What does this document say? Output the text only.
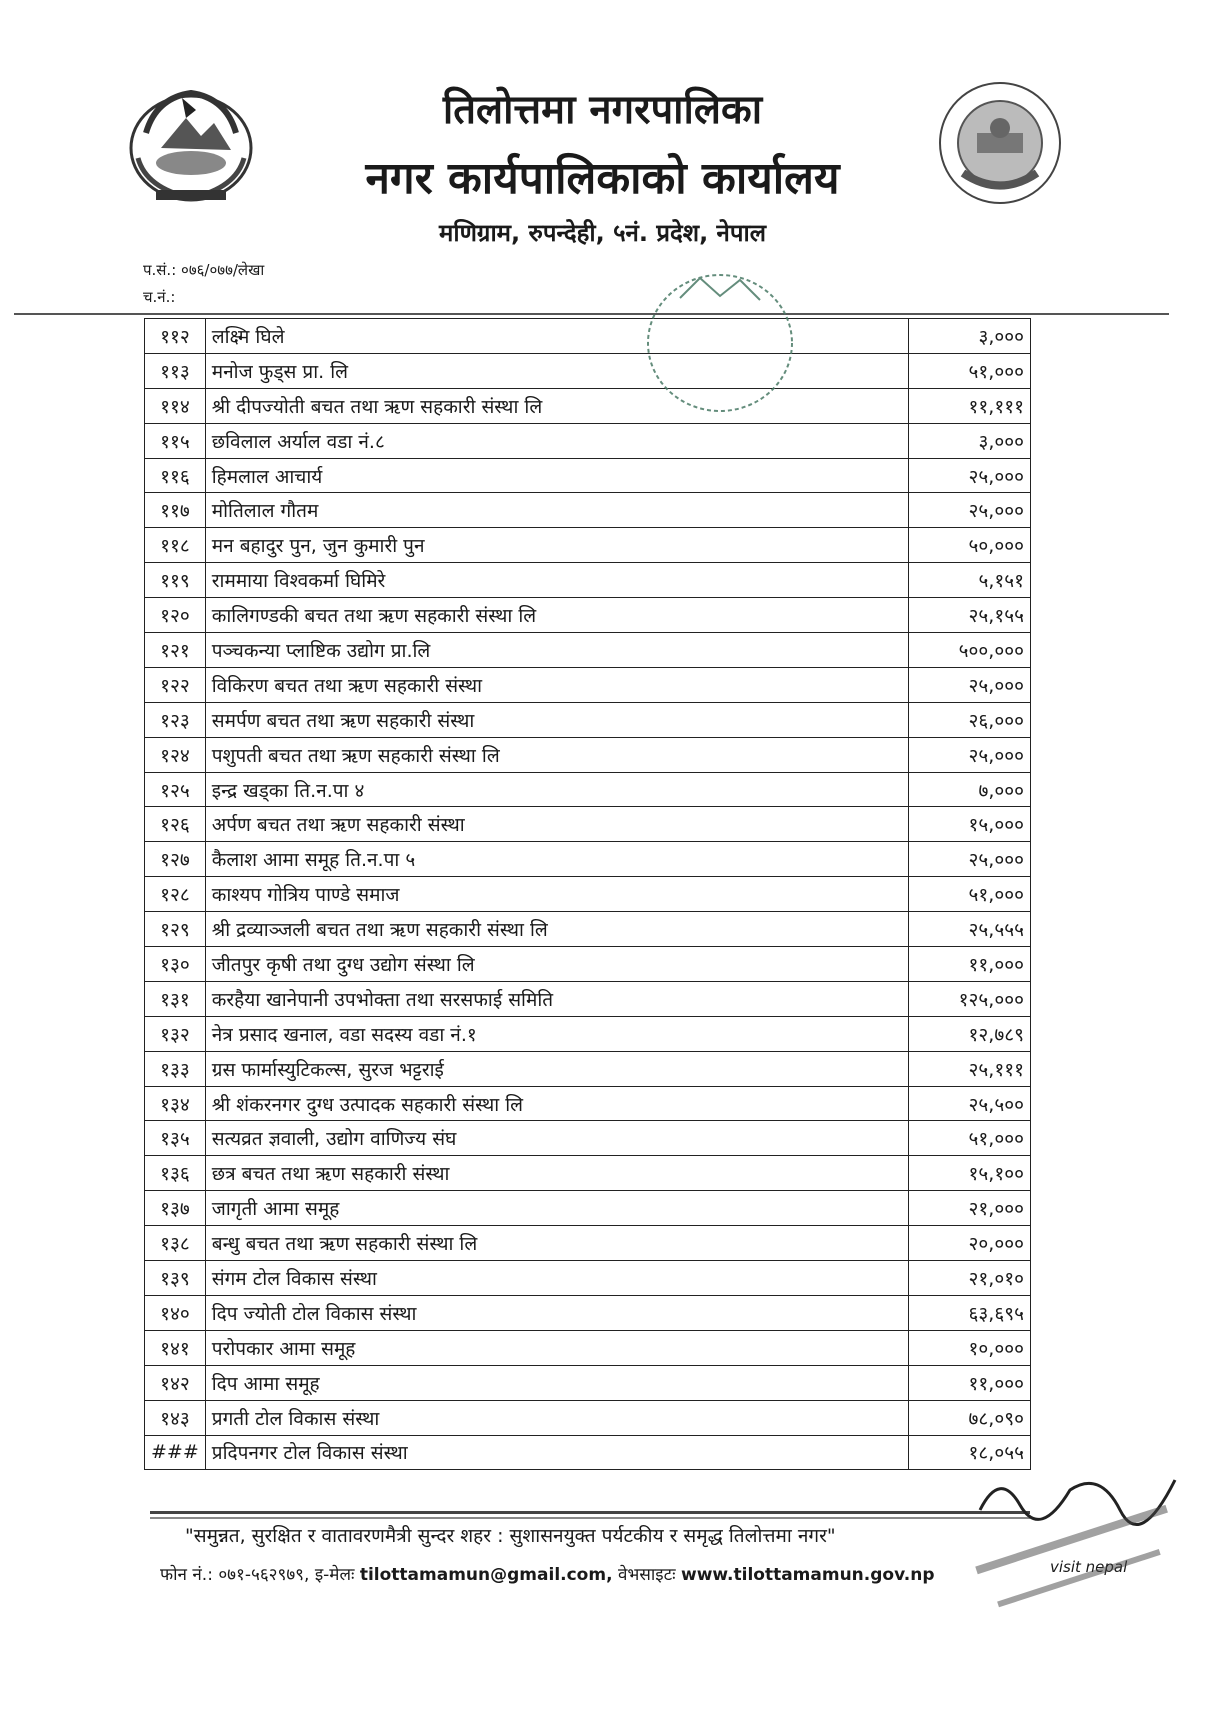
तिलोत्तमा नगरपालिका
नगर कार्यपालिकाको कार्यालय
मणिग्राम, रुपन्देही, ५नं. प्रदेश, नेपाल
प.सं.: ०७६/०७७/लेखा
च.नं.:
११२	लक्ष्मि घिले	३,०००
११३	मनोज फुड्स प्रा. लि	५१,०००
११४	श्री दीपज्योती बचत तथा ऋण सहकारी संस्था लि	११,१११
११५	छविलाल अर्याल वडा नं.८	३,०००
११६	हिमलाल आचार्य	२५,०००
११७	मोतिलाल गौतम	२५,०००
११८	मन बहादुर पुन, जुन कुमारी पुन	५०,०००
११९	राममाया विश्वकर्मा घिमिरे	५,१५१
१२०	कालिगण्डकी बचत तथा ऋण सहकारी संस्था लि	२५,१५५
१२१	पञ्चकन्या प्लाष्टिक उद्योग प्रा.लि	५००,०००
१२२	विकिरण बचत तथा ऋण सहकारी संस्था	२५,०००
१२३	समर्पण बचत तथा ऋण सहकारी संस्था	२६,०००
१२४	पशुपती बचत तथा ऋण सहकारी संस्था लि	२५,०००
१२५	इन्द्र खड्का ति.न.पा ४	७,०००
१२६	अर्पण बचत तथा ऋण सहकारी संस्था	१५,०००
१२७	कैलाश आमा समूह ति.न.पा ५	२५,०००
१२८	काश्यप गोत्रिय पाण्डे समाज	५१,०००
१२९	श्री द्रव्याञ्जली बचत तथा ऋण सहकारी संस्था लि	२५,५५५
१३०	जीतपुर कृषी तथा दुग्ध उद्योग संस्था लि	११,०००
१३१	करहैया खानेपानी उपभोक्ता तथा सरसफाई समिति	१२५,०००
१३२	नेत्र प्रसाद खनाल, वडा सदस्य वडा नं.१	१२,७८९
१३३	ग्रस फार्मास्युटिकल्स, सुरज भट्टराई	२५,१११
१३४	श्री शंकरनगर दुग्ध उत्पादक सहकारी संस्था लि	२५,५००
१३५	सत्यव्रत ज्ञवाली, उद्योग वाणिज्य संघ	५१,०००
१३६	छत्र बचत तथा ऋण सहकारी संस्था	१५,१००
१३७	जागृती आमा समूह	२१,०००
१३८	बन्धु बचत तथा ऋण सहकारी संस्था लि	२०,०००
१३९	संगम टोल विकास संस्था	२१,०१०
१४०	दिप ज्योती टोल विकास संस्था	६३,६९५
१४१	परोपकार आमा समूह	१०,०००
१४२	दिप आमा समूह	११,०००
१४३	प्रगती टोल विकास संस्था	७८,०९०
###	प्रदिपनगर टोल विकास संस्था	१८,०५५
"समुन्नत, सुरक्षित र वातावरणमैत्री सुन्दर शहर : सुशासनयुक्त पर्यटकीय र समृद्ध तिलोत्तमा नगर"
फोन नं.: ०७१-५६२९७९, इ-मेलः tilottamamun@gmail.com, वेभसाइटः www.tilottamamun.gov.np	visit nepal
